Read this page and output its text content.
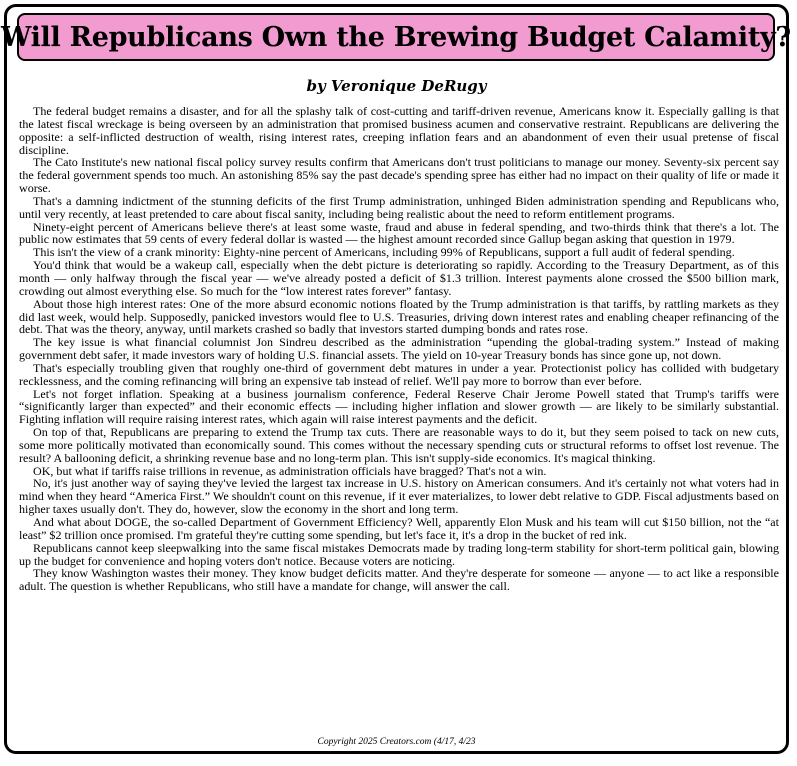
Will Republicans Own the Brewing Budget Calamity?
by Veronique DeRugy

The federal budget remains a disaster, and for all the splashy talk of cost-cutting and tariff-driven revenue, Americans know it. Especially galling is that the latest fiscal wreckage is being overseen by an administration that promised business acumen and conservative restraint. Republicans are delivering the opposite: a self-inflicted destruction of wealth, rising interest rates, creeping inflation fears and an abandonment of even their usual pretense of fiscal discipline.

The Cato Institute's new national fiscal policy survey results confirm that Americans don't trust politicians to manage our money. Seventy-six percent say the federal government spends too much. An astonishing 85% say the past decade's spending spree has either had no impact on their quality of life or made it worse.

That's a damning indictment of the stunning deficits of the first Trump administration, unhinged Biden administration spending and Republicans who, until very recently, at least pretended to care about fiscal sanity, including being realistic about the need to reform entitlement programs.

Ninety-eight percent of Americans believe there's at least some waste, fraud and abuse in federal spending, and two-thirds think that there's a lot. The public now estimates that 59 cents of every federal dollar is wasted — the highest amount recorded since Gallup began asking that question in 1979.

This isn't the view of a crank minority: Eighty-nine percent of Americans, including 99% of Republicans, support a full audit of federal spending.

You'd think that would be a wakeup call, especially when the debt picture is deteriorating so rapidly. According to the Treasury Department, as of this month — only halfway through the fiscal year — we've already posted a deficit of $1.3 trillion. Interest payments alone crossed the $500 billion mark, crowding out almost everything else. So much for the “low interest rates forever” fantasy.

About those high interest rates: One of the more absurd economic notions floated by the Trump administration is that tariffs, by rattling markets as they did last week, would help. Supposedly, panicked investors would flee to U.S. Treasuries, driving down interest rates and enabling cheaper refinancing of the debt. That was the theory, anyway, until markets crashed so badly that investors started dumping bonds and rates rose.

The key issue is what financial columnist Jon Sindreu described as the administration “upending the global-trading system.” Instead of making government debt safer, it made investors wary of holding U.S. financial assets. The yield on 10-year Treasury bonds has since gone up, not down.

That's especially troubling given that roughly one-third of government debt matures in under a year. Protectionist policy has collided with budgetary recklessness, and the coming refinancing will bring an expensive tab instead of relief. We'll pay more to borrow than ever before.

Let's not forget inflation. Speaking at a business journalism conference, Federal Reserve Chair Jerome Powell stated that Trump's tariffs were “significantly larger than expected” and their economic effects — including higher inflation and slower growth — are likely to be similarly substantial. Fighting inflation will require raising interest rates, which again will raise interest payments and the deficit.

On top of that, Republicans are preparing to extend the Trump tax cuts. There are reasonable ways to do it, but they seem poised to tack on new cuts, some more politically motivated than economically sound. This comes without the necessary spending cuts or structural reforms to offset lost revenue. The result? A ballooning deficit, a shrinking revenue base and no long-term plan. This isn't supply-side economics. It's magical thinking.

OK, but what if tariffs raise trillions in revenue, as administration officials have bragged? That's not a win.

No, it's just another way of saying they've levied the largest tax increase in U.S. history on American consumers. And it's certainly not what voters had in mind when they heard “America First.” We shouldn't count on this revenue, if it ever materializes, to lower debt relative to GDP. Fiscal adjustments based on higher taxes usually don't. They do, however, slow the economy in the short and long term.

And what about DOGE, the so-called Department of Government Efficiency? Well, apparently Elon Musk and his team will cut $150 billion, not the “at least” $2 trillion once promised. I'm grateful they're cutting some spending, but let's face it, it's a drop in the bucket of red ink.

Republicans cannot keep sleepwalking into the same fiscal mistakes Democrats made by trading long-term stability for short-term political gain, blowing up the budget for convenience and hoping voters don't notice. Because voters are noticing.

They know Washington wastes their money. They know budget deficits matter. And they're desperate for someone — anyone — to act like a responsible adult. The question is whether Republicans, who still have a mandate for change, will answer the call.

Copyright 2025 Creators.com (4/17, 4/23
